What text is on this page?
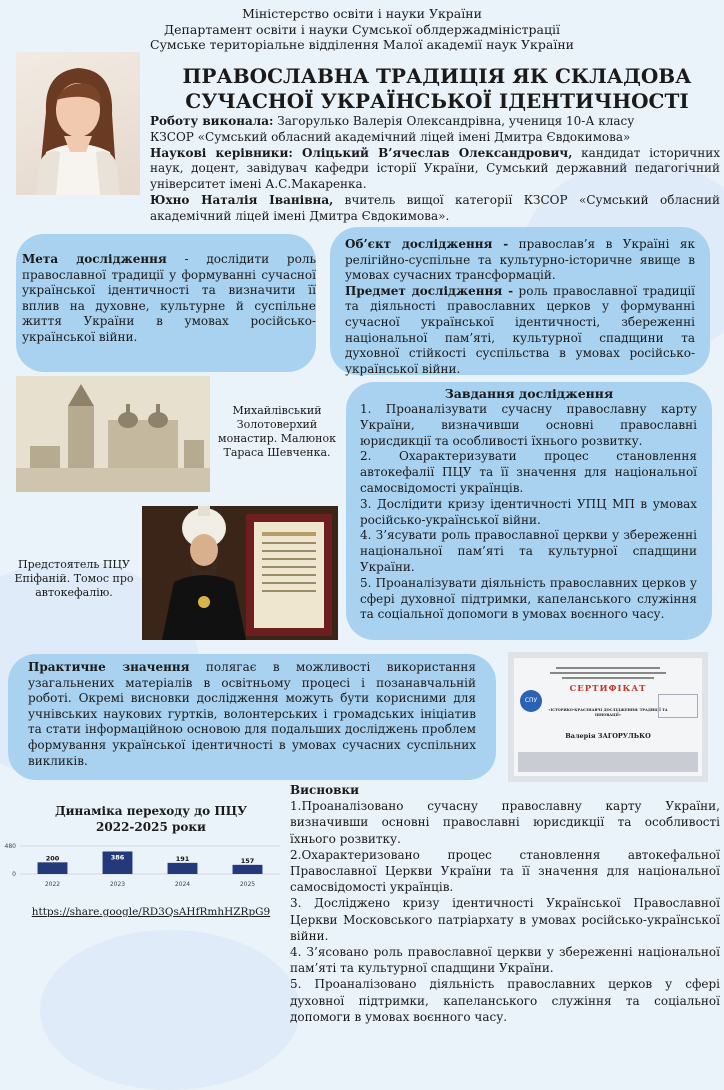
Міністерство освіти і науки України
Департамент освіти і науки Сумської облдержадміністрації
Сумське територіальне відділення Малої академії наук України
ПРАВОСЛАВНА ТРАДИЦІЯ ЯК СКЛАДОВА
СУЧАСНОЇ УКРАЇНСЬКОЇ ІДЕНТИЧНОСТІ

Роботу виконала: Загорулько Валерія Олександрівна, учениця 10-А класу

КЗСОР «Сумський обласний академічний ліцей імені Дмитра Євдокимова»

Наукові керівники: Оліцький В’ячеслав Олександрович, кандидат історичних наук, доцент, завідувач кафедри історії України, Сумський державний педагогічний університет імені А.С.Макаренка.

Юхно Наталія Іванівна, вчитель вищої категорії КЗСОР «Сумський обласний академічний ліцей імені Дмитра Євдокимова».

Мета дослідження - дослідити роль православної традиції у формуванні сучасної української ідентичності та визначити її вплив на духовне, культурне й суспільне життя України в умовах російсько-української війни.

Об’єкт дослідження - православ’я в Україні як релігійно-суспільне та культурно-історичне явище в умовах сучасних трансформацій.

Предмет дослідження - роль православної традиції та діяльності православних церков у формуванні сучасної української ідентичності, збереженні національної пам’яті, культурної спадщини та духовної стійкості суспільства в умовах російсько-української війни.

Михайлівський Золотоверхий монастир. Малюнок Тараса Шевченка.
Завдання дослідження

1. Проаналізувати сучасну православну карту України, визначивши основні православні юрисдикції та особливості їхнього розвитку.

2. Охарактеризувати процес становлення автокефалії ПЦУ та її значення для національної самосвідомості українців.

3. Дослідити кризу ідентичності УПЦ МП в умовах російсько-української війни.

4. З’ясувати роль православної церкви у збереженні національної пам’яті та культурної спадщини України.

5. Проаналізувати діяльність православних церков у сфері духовної підтримки, капеланського служіння та соціальної допомоги в умовах воєнного часу.

Предстоятель ПЦУ Епіфаній. Томос про автокефалію.

Практичне значення полягає в можливості використання узагальнених матеріалів в освітньому процесі і позанавчальній роботі. Окремі висновки дослідження можуть бути корисними для учнівських наукових гуртків, волонтерських і громадських ініціатив та стати інформаційною основою для подальших досліджень проблем формування української ідентичності в умовах сучасних суспільних викликів.

СПУ
СЕРТИФІКАТ
«ІСТОРИКО-КРАЄЗНАВЧІ ДОСЛІДЖЕННЯ: ТРАДИЦІЇ ТА ІННОВАЦІЇ»
Валерія ЗАГОРУЛЬКО
Динаміка переходу до ПЦУ
2022-2025 роки
480
0
200
2022
386
2023
191
2024
157
2025
https://share.google/RD3QsAHfRmhHZRpG9

Висновки

1.Проаналізовано сучасну православну карту України, визначивши основні православні юрисдикції та особливості їхнього розвитку.

2.Охарактеризовано процес становлення автокефальної Православної Церкви України та її значення для національної самосвідомості українців.

3. Досліджено кризу ідентичності Української Православної Церкви Московського патріархату в умовах російсько-української війни.

4. З’ясовано роль православної церкви у збереженні національної пам’яті та культурної спадщини України.

5. Проаналізовано діяльність православних церков у сфері духовної підтримки, капеланського служіння та соціальної допомоги в умовах воєнного часу.
